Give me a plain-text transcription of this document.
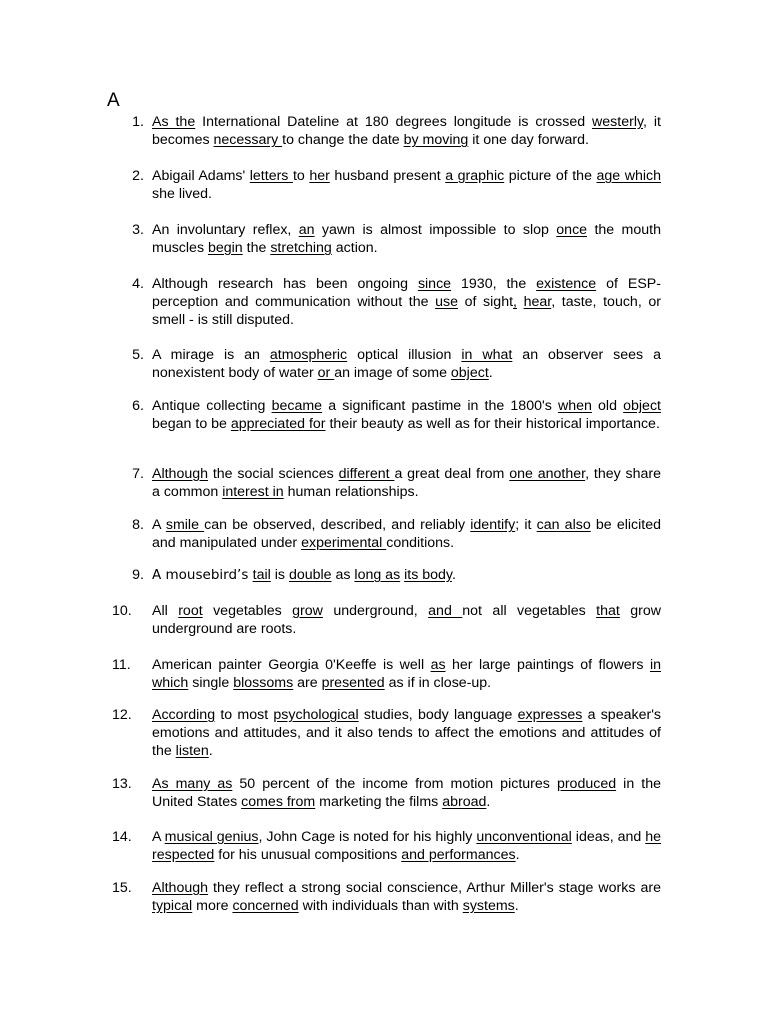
A
1. As the International Dateline at 180 degrees longitude is crossed westerly, it becomes necessary to change the date by moving it one day forward.
2. Abigail Adams' letters to her husband present a graphic picture of the age which she lived.
3. An involuntary reflex, an yawn is almost impossible to slop once the mouth muscles begin the stretching action.
4. Although research has been ongoing since 1930, the existence of ESP- perception and communication without the use of sight, hear, taste, touch, or smell - is still disputed.
5. A mirage is an atmospheric optical illusion in what an observer sees a nonexistent body of water or an image of some object.
6. Antique collecting became a significant pastime in the 1800's when old object began to be appreciated for their beauty as well as for their historical importance.
7. Although the social sciences different a great deal from one another, they share a common interest in human relationships.
8. A smile can be observed, described, and reliably identify; it can also be elicited and manipulated under experimental conditions.
9. A mousebird’s tail is double as long as its body.
10.	All root vegetables grow underground, and not all vegetables that grow underground are roots.
11.	American painter Georgia 0'Keeffe is well as her large paintings of flowers in which single blossoms are presented as if in close-up.
12.	According to most psychological studies, body language expresses a speaker's emotions and attitudes, and it also tends to affect the emotions and attitudes of the listen.
13.	As many as 50 percent of the income from motion pictures produced in the United States comes from marketing the films abroad.
14.	A musical genius, John Cage is noted for his highly unconventional ideas, and he respected for his unusual compositions and performances.
15.	Although they reflect a strong social conscience, Arthur Miller's stage works are typical more concerned with individuals than with systems.
